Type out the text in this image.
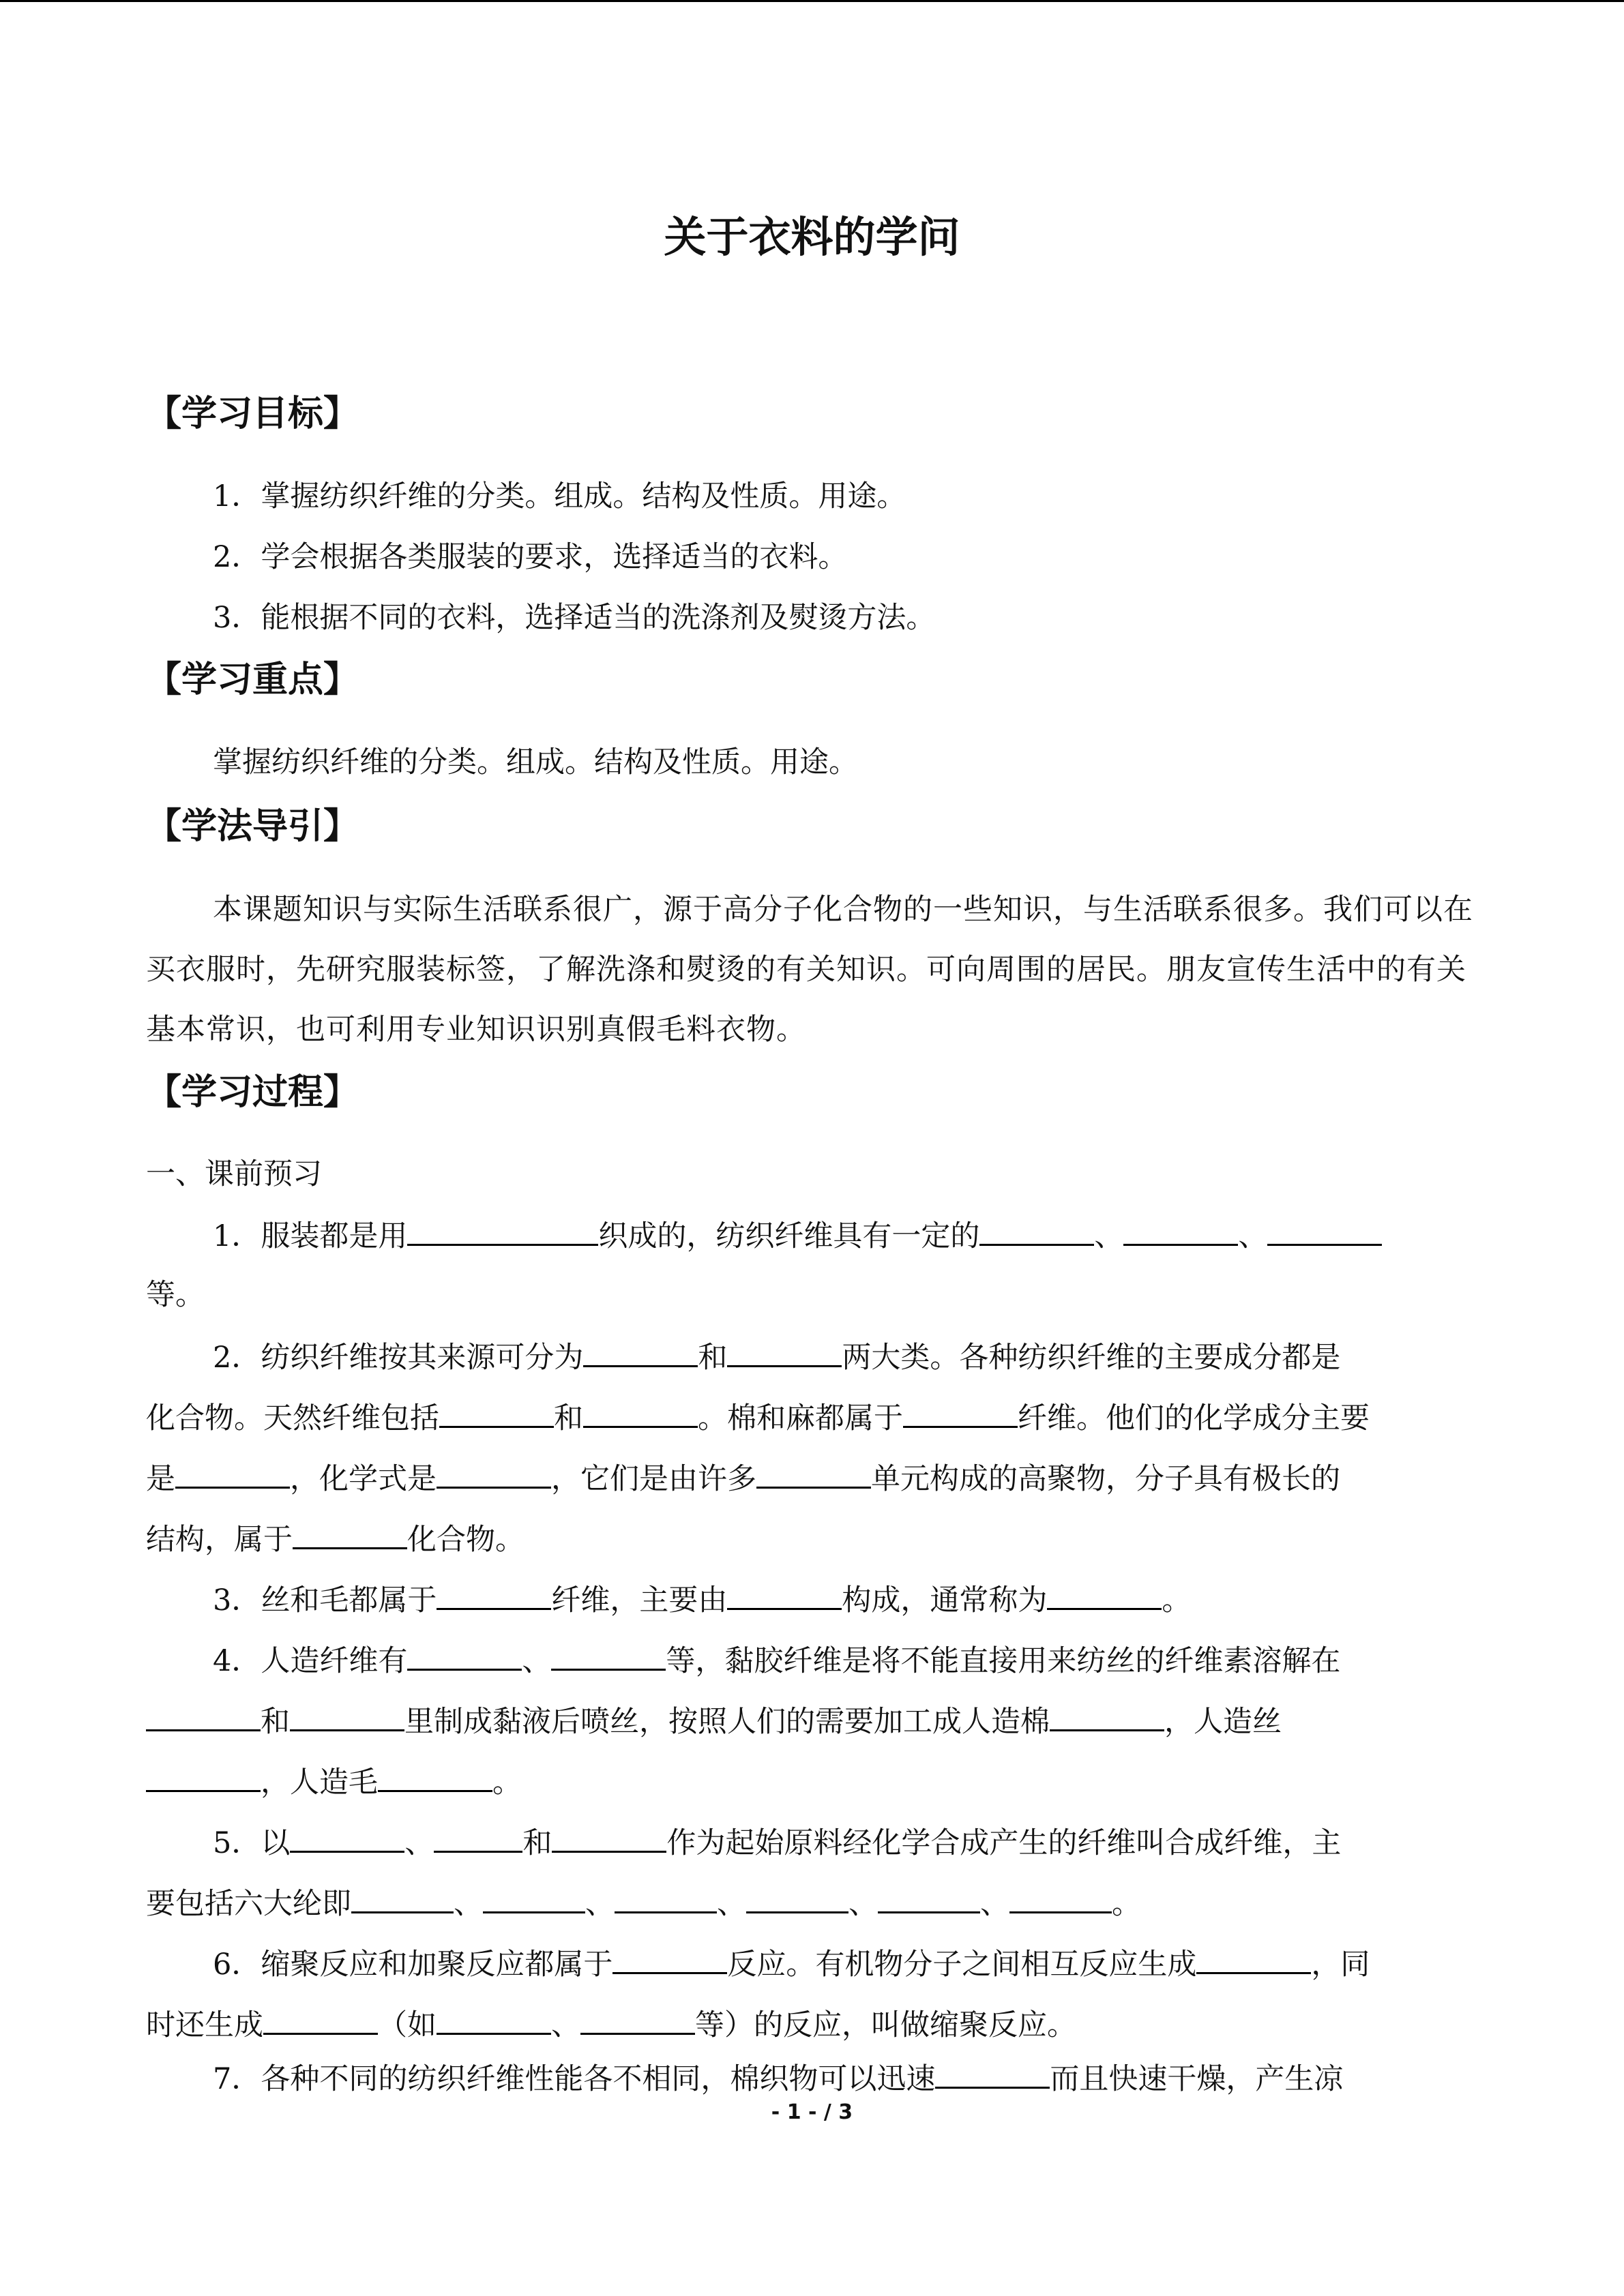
关于衣料的学问
【学习目标】
1．掌握纺织纤维的分类。组成。结构及性质。用途。
2．学会根据各类服装的要求，选择适当的衣料。
3．能根据不同的衣料，选择适当的洗涤剂及熨烫方法。
【学习重点】
掌握纺织纤维的分类。组成。结构及性质。用途。
【学法导引】
本课题知识与实际生活联系很广，源于高分子化合物的一些知识，与生活联系很多。我们可以在买衣服时，先研究服装标签，了解洗涤和熨烫的有关知识。可向周围的居民。朋友宣传生活中的有关基本常识，也可利用专业知识识别真假毛料衣物。
【学习过程】
一、课前预习
1．服装都是用	织成的，纺织纤维具有一定的	、	、
等。
2．纺织纤维按其来源可分为	和	两大类。各种纺织纤维的主要成分都是
化合物。天然纤维包括	和	。棉和麻都属于	纤维。他们的化学成分主要
是	，化学式是	，它们是由许多	单元构成的高聚物，分子具有极长的
结构，属于	化合物。
3．丝和毛都属于	纤维，主要由	构成，通常称为	。
4．人造纤维有	、	等，黏胶纤维是将不能直接用来纺丝的纤维素溶解在
和	里制成黏液后喷丝，按照人们的需要加工成人造棉	，人造丝
，人造毛	。
5．以	、	和	作为起始原料经化学合成产生的纤维叫合成纤维，主
要包括六大纶即	、	、	、	、	、	。
6．缩聚反应和加聚反应都属于	反应。有机物分子之间相互反应生成	，同
时还生成	（如	、	等）的反应，叫做缩聚反应。
7．各种不同的纺织纤维性能各不相同，棉织物可以迅速	而且快速干燥，产生凉
- 1 - / 3
